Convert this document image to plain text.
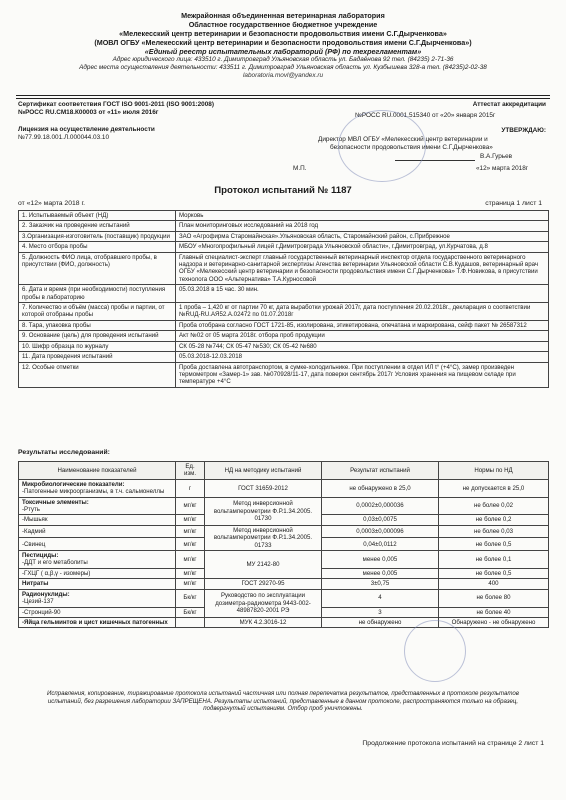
Межрайонная объединенная ветеринарная лаборатория
Областное государственное бюджетное учреждение
«Мелекесский центр ветеринарии и безопасности продовольствия имени С.Г.Дырченкова»
(МОВЛ ОГБУ «Мелекесский центр ветеринарии и безопасности продовольствия имени С.Г.Дырченкова»)
«Единый реестр испытательных лабораторий (РФ) по техрегламентам»
Адрес юридического лица: 433510 г. Димитровград Ульяновская область ул. Бадаёнова 92 тел. (84235) 2-71-36
Адрес места осуществления деятельности: 433511 г. Димитровград Ульяновская область ул. Кузбышева 328-а тел. (84235)2-02-38
laboratoria.movl@yandex.ru
Сертификат соответствия ГОСТ ISO 9001-2011 (ISO 9001:2008)
№РОСС RU.СМ18.К00003 от «11» июля 2016г
Аттестат аккредитации
№РОСС RU.0001.515340 от «20» января 2015г
Лицензия на осуществление деятельности
№77.99.18.001.Л.000044.03.10
УТВЕРЖДАЮ:
Директор МВЛ ОГБУ «Мелекесский центр ветеринарии и
безопасности продовольствия имени С.Г.Дырченкова»
В.А.Гурьев
М.П.	«12» марта 2018г
Протокол испытаний № 1187
от «12» марта 2018 г.	страница 1 лист 1
1. Испытываемый объект (НД)	Морковь
2. Заказчик на проведение испытаний	План мониторинговых исследований на 2018 год
3.Организация-изготовитель (поставщик) продукции	ЗАО «Агрофирма Старомайнская».Ульяновская область, Старомайнский район, с.Прибрежное
4. Место отбора пробы	МБОУ «Многопрофильный лицей г.Димитровграда Ульяновской области», г.Димитровград, ул.Курчатова, д.8
5. Должность ФИО лица, отобравшего пробы, в присутствии (ФИО, должность)	Главный специалист-эксперт главный государственный ветеринарный инспектор отдела государственного ветеринарного надзора и ветеринарно-санитарной экспертизы Агенства ветеринарии Ульяновской области С.В.Кудашов, ветеринарный врач ОГБУ «Мелекесский центр ветеринарии и безопасности продовольствия имени С.Г.Дырченкова» Т.Ф.Новикова, в присутствии технолога ООО «Альтернатива» Т.А.Курносовой
6. Дата и время (при необходимости) поступления пробы в лабораторию	05.03.2018 в 15 час. 30 мин.
7. Количество и объём (масса) пробы и партии, от которой отобраны пробы	1 проба – 1,420 кг от партии 70 кг, дата выработки урожай 2017г, дата поступления 20.02.2018г., декларация о соответствии №RUД-RU.АЯ52.А.02472 по 01.07.2018г
8. Тара, упаковка пробы	Проба отобрана согласно ГОСТ 1721-85, изолирована, этикетирована, опечатана и маркирована, сейф пакет № 26587312
9. Основание (цель) для проведения испытаний	Акт №02 от 05 марта 2018г. отбора проб продукции
10. Шифр образца по журналу	СК 05-28 №744; СК 05-47 №530; СК 05-42 №680
11. Дата проведения испытаний	05.03.2018-12.03.2018
12. Особые отметки	Проба доставлена автотранспортом, в сумке-холодильнике. При поступлении в отдел ИЛ t° (+4°С), замер произведен термометром «Замер-1» зав. №070928/11-17, дата поверки сентябрь 2017г Условия хранения на пищевом складе при температуре +4°С
Результаты исследований:
Наименование показателей	Ед. изм.	НД на методику испытаний	Результат испытаний	Нормы по НД

Микробиологические показатели:
-Патогенные микроорганизмы, в т.ч. сальмонеллы	г	ГОСТ 31659-2012	не обнаружено в 25,0	не допускается в 25,0

Токсичные элементы:
-Ртуть	мг/кг	Метод инверсионной вольтамперометрии Ф.Р.1.34.2005. 01730	0,0002±0,000036	не более 0,02
-Мышьяк	мг/кг		0,03±0,0075	не более 0,2
-Кадмий	мг/кг	Метод инверсионной вольтамперометрии Ф.Р.1.34.2005. 01733	0,0003±0,000096	не более 0,03
-Свинец	мг/кг		0,04±0,0112	не более 0,5

Пестициды:
-ДДТ и его метаболиты	мг/кг	МУ 2142-80	менее 0,005	не более 0,1
-ГХЦГ ( α,β,γ - изомеры)	мг/кг		менее 0,005	не более 0,5
Нитраты	мг/кг	ГОСТ 29270-95	3±0,75	400

Радионуклиды:
-Цезий-137	Бк/кг	Руководство по эксплуатации дозиметра-радиометра 9443-002-48987820-2001 РЭ	4	не более 80
-Стронций-90	Бк/кг		3	не более 40
-Яйца гельминтов и цист кишечных патогенных		МУК 4.2.3016-12	не обнаружено	Обнаружено - не обнаружено
Исправления, копирование, тиражирование протокола испытаний частичная или полная перепечатка результатов, представленных в протоколе результатов испытаний, без разрешения лаборатории ЗАПРЕЩЕНА. Результаты испытаний, представленные в данном протоколе, распространяются только на образец, подвергнутый испытаниям. Отбор проб уничтожены.
Продолжение протокола испытаний на странице 2 лист 1
